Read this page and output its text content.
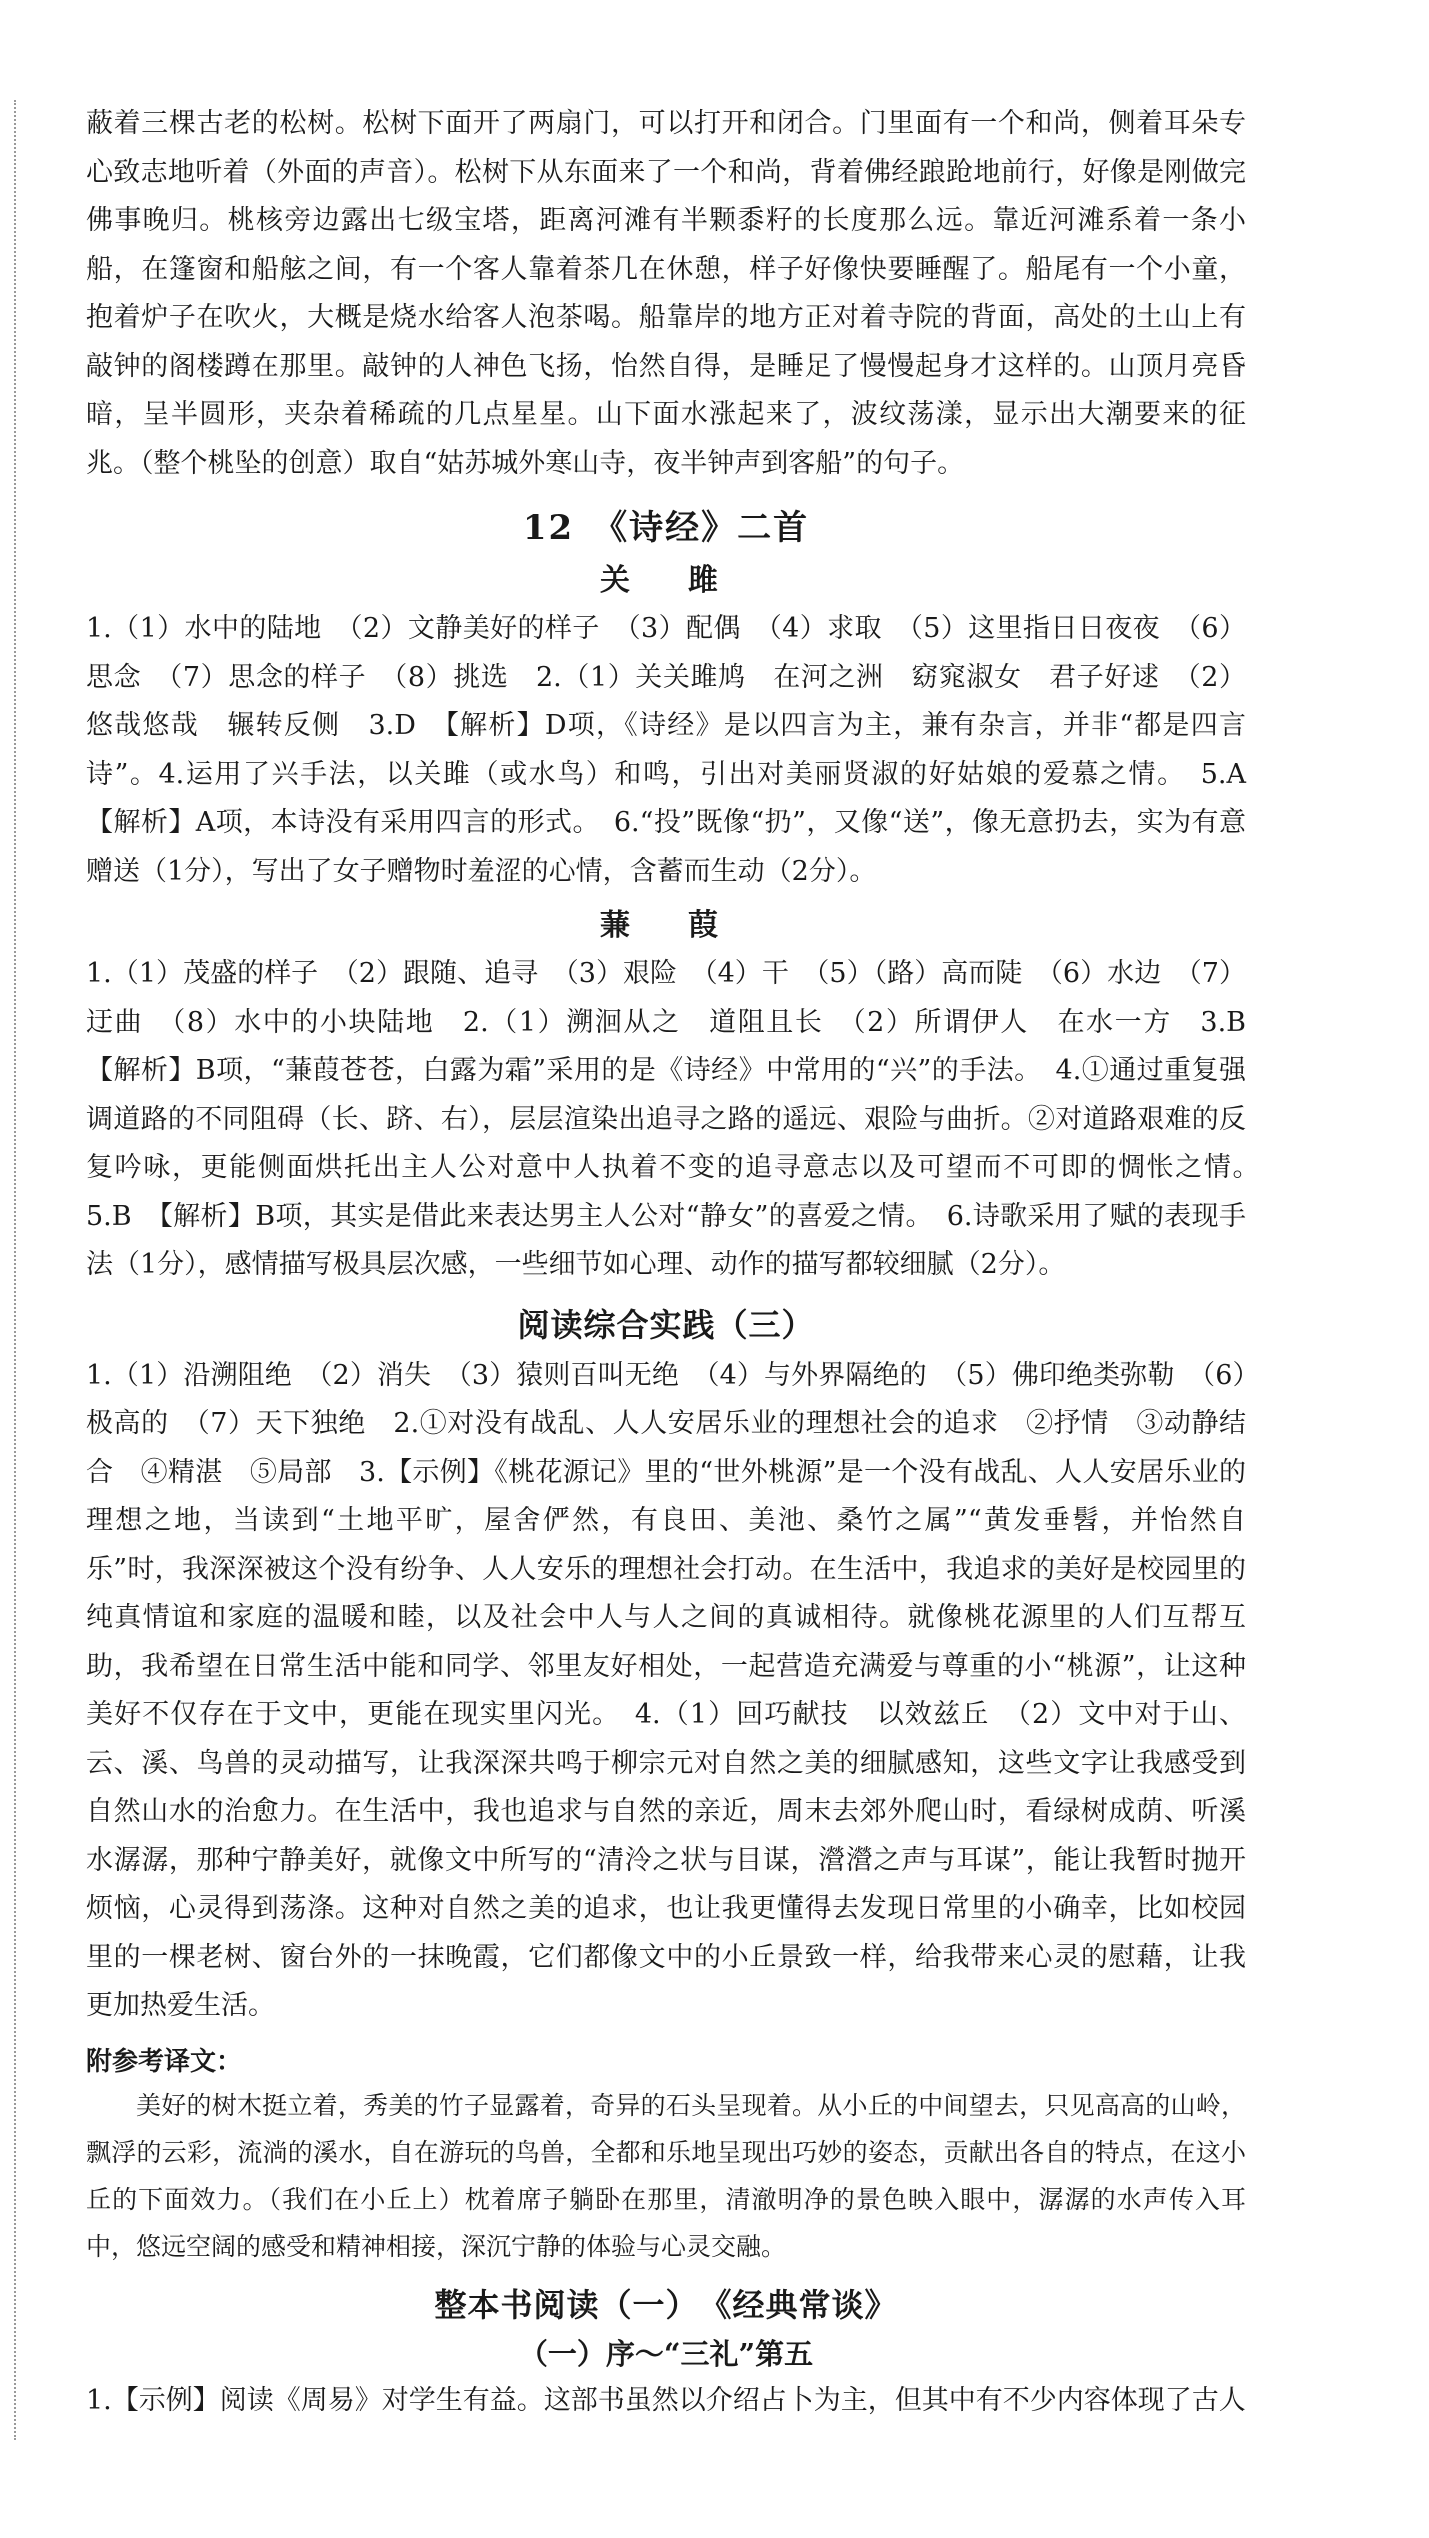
蔽着三棵古老的松树。松树下面开了两扇门，可以打开和闭合。门里面有一个和尚，侧着耳朵专心致志地听着（外面的声音）。松树下从东面来了一个和尚，背着佛经踉跄地前行，好像是刚做完佛事晚归。桃核旁边露出七级宝塔，距离河滩有半颗黍籽的长度那么远。靠近河滩系着一条小船，在篷窗和船舷之间，有一个客人靠着茶几在休憩，样子好像快要睡醒了。船尾有一个小童，抱着炉子在吹火，大概是烧水给客人泡茶喝。船靠岸的地方正对着寺院的背面，高处的土山上有敲钟的阁楼蹲在那里。敲钟的人神色飞扬，怡然自得，是睡足了慢慢起身才这样的。山顶月亮昏暗，呈半圆形，夹杂着稀疏的几点星星。山下面水涨起来了，波纹荡漾，显示出大潮要来的征兆。（整个桃坠的创意）取自“姑苏城外寒山寺，夜半钟声到客船”的句子。

12　《诗经》二首
关　雎

1.（1）水中的陆地　（2）文静美好的样子　（3）配偶　（4）求取　（5）这里指日日夜夜　（6）思念　（7）思念的样子　（8）挑选　2.（1）关关雎鸠　在河之洲　窈窕淑女　君子好逑　（2）悠哉悠哉　辗转反侧　3.D　【解析】D项，《诗经》是以四言为主，兼有杂言，并非“都是四言诗”。4.运用了兴手法，以关雎（或水鸟）和鸣，引出对美丽贤淑的好姑娘的爱慕之情。　5.A　【解析】A项，本诗没有采用四言的形式。　6.“投”既像“扔”，又像“送”，像无意扔去，实为有意赠送（1分），写出了女子赠物时羞涩的心情，含蓄而生动（2分）。

蒹　葭

1.（1）茂盛的样子　（2）跟随、追寻　（3）艰险　（4）干　（5）（路）高而陡　（6）水边　（7）迂曲　（8）水中的小块陆地　2.（1）溯洄从之　道阻且长　（2）所谓伊人　在水一方　3.B　【解析】B项，“蒹葭苍苍，白露为霜”采用的是《诗经》中常用的“兴”的手法。　4.①通过重复强调道路的不同阻碍（长、跻、右），层层渲染出追寻之路的遥远、艰险与曲折。②对道路艰难的反复吟咏，更能侧面烘托出主人公对意中人执着不变的追寻意志以及可望而不可即的惆怅之情。　5.B　【解析】B项，其实是借此来表达男主人公对“静女”的喜爱之情。　6.诗歌采用了赋的表现手法（1分），感情描写极具层次感，一些细节如心理、动作的描写都较细腻（2分）。

阅读综合实践（三）

1.（1）沿溯阻绝　（2）消失　（3）猿则百叫无绝　（4）与外界隔绝的　（5）佛印绝类弥勒　（6）极高的　（7）天下独绝　2.①对没有战乱、人人安居乐业的理想社会的追求　②抒情　③动静结合　④精湛　⑤局部　3.【示例】《桃花源记》里的“世外桃源”是一个没有战乱、人人安居乐业的理想之地，当读到“土地平旷，屋舍俨然，有良田、美池、桑竹之属”“黄发垂髫，并怡然自乐”时，我深深被这个没有纷争、人人安乐的理想社会打动。在生活中，我追求的美好是校园里的纯真情谊和家庭的温暖和睦，以及社会中人与人之间的真诚相待。就像桃花源里的人们互帮互助，我希望在日常生活中能和同学、邻里友好相处，一起营造充满爱与尊重的小“桃源”，让这种美好不仅存在于文中，更能在现实里闪光。　4.（1）回巧献技　以效兹丘　（2）文中对于山、云、溪、鸟兽的灵动描写，让我深深共鸣于柳宗元对自然之美的细腻感知，这些文字让我感受到自然山水的治愈力。在生活中，我也追求与自然的亲近，周末去郊外爬山时，看绿树成荫、听溪水潺潺，那种宁静美好，就像文中所写的“清泠之状与目谋，瀯瀯之声与耳谋”，能让我暂时抛开烦恼，心灵得到荡涤。这种对自然之美的追求，也让我更懂得去发现日常里的小确幸，比如校园里的一棵老树、窗台外的一抹晚霞，它们都像文中的小丘景致一样，给我带来心灵的慰藉，让我更加热爱生活。

附参考译文：

美好的树木挺立着，秀美的竹子显露着，奇异的石头呈现着。从小丘的中间望去，只见高高的山岭，飘浮的云彩，流淌的溪水，自在游玩的鸟兽，全都和乐地呈现出巧妙的姿态，贡献出各自的特点，在这小丘的下面效力。（我们在小丘上）枕着席子躺卧在那里，清澈明净的景色映入眼中，潺潺的水声传入耳中，悠远空阔的感受和精神相接，深沉宁静的体验与心灵交融。

整本书阅读（一）　《经典常谈》
（一）序～“三礼”第五

1.【示例】阅读《周易》对学生有益。这部书虽然以介绍占卜为主，但其中有不少内容体现了古人
